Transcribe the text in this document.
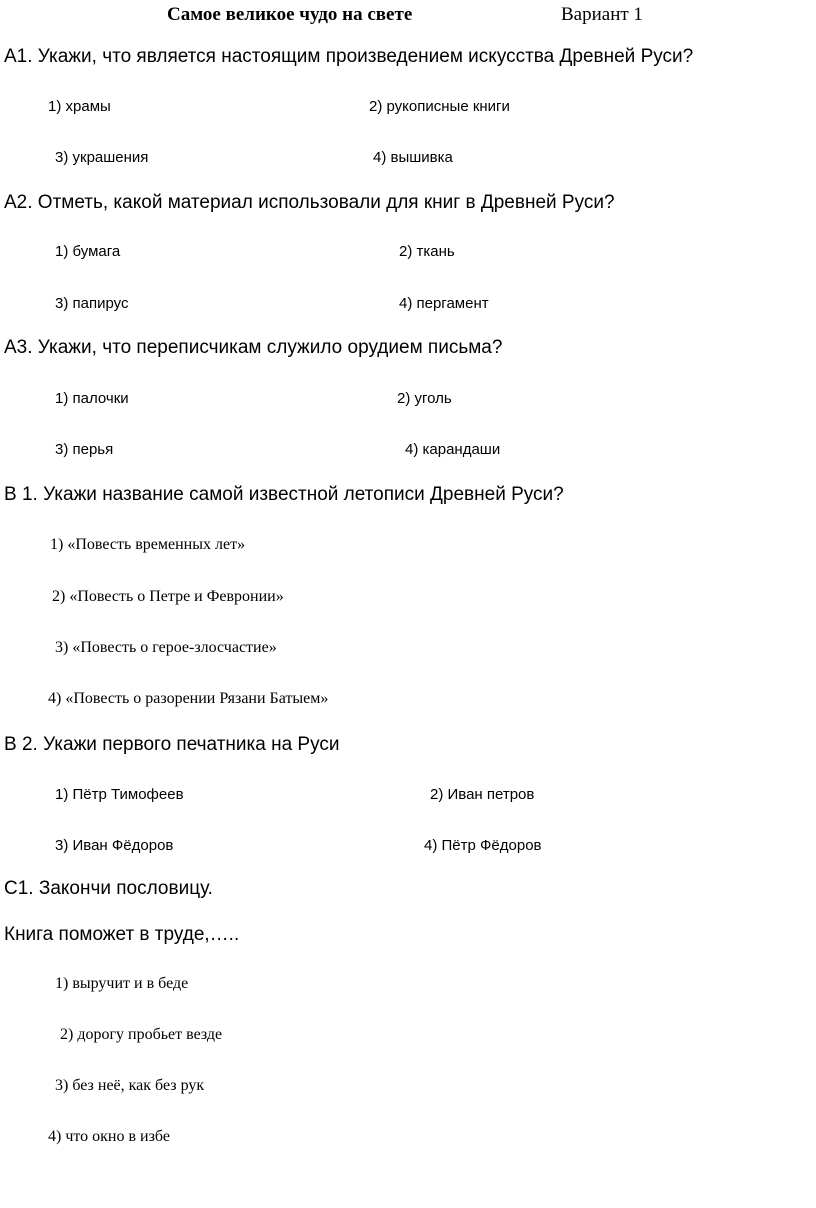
Самое великое чудо на свете	Вариант 1
А1. Укажи, что является настоящим произведением искусства Древней Руси?
1) храмы	2) рукописные книги
3) украшения	4) вышивка
А2. Отметь, какой материал использовали для книг в Древней Руси?
1) бумага	2) ткань
3) папирус	4) пергамент
А3. Укажи, что переписчикам служило орудием письма?
1) палочки	2) уголь
3) перья	4) карандаши
В 1. Укажи название самой известной летописи Древней Руси?
1) «Повесть временных лет»
2) «Повесть о Петре и Февронии»
3) «Повесть о герое-злосчастие»
4) «Повесть о разорении Рязани Батыем»
В 2. Укажи первого печатника на Руси
1) Пётр Тимофеев	2) Иван петров
3) Иван Фёдоров	4) Пётр Фёдоров
С1. Закончи пословицу.
Книга поможет в труде,…..
1) выручит и в беде
2) дорогу пробьет везде
3) без неё, как без рук
4) что окно в избе
